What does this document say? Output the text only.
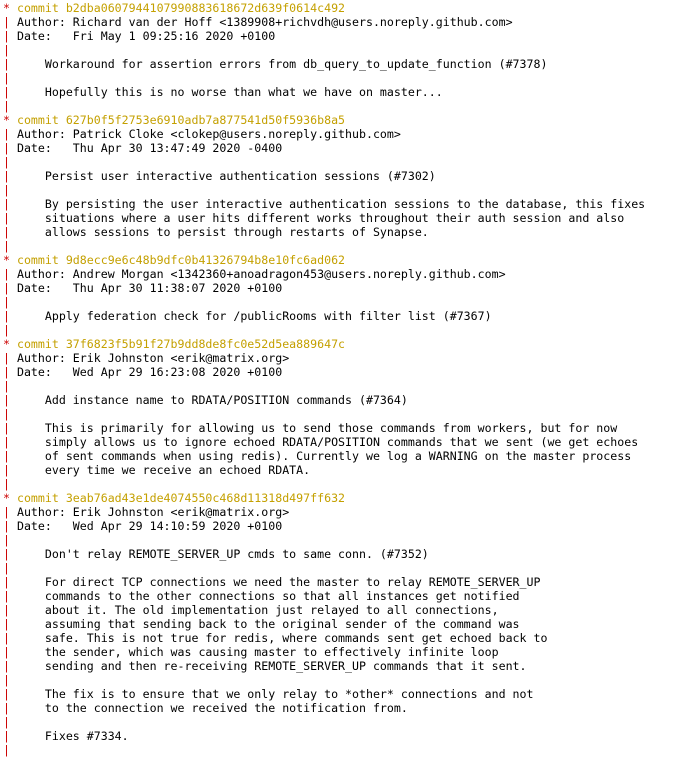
* commit b2dba0607944107990883618672d639f0614c492
| Author: Richard van der Hoff <1389908+richvdh@users.noreply.github.com>
| Date:   Fri May 1 09:25:16 2020 +0100
|
|     Workaround for assertion errors from db_query_to_update_function (#7378)
|
|     Hopefully this is no worse than what we have on master...
|
* commit 627b0f5f2753e6910adb7a877541d50f5936b8a5
| Author: Patrick Cloke <clokep@users.noreply.github.com>
| Date:   Thu Apr 30 13:47:49 2020 -0400
|
|     Persist user interactive authentication sessions (#7302)
|
|     By persisting the user interactive authentication sessions to the database, this fixes
|     situations where a user hits different works throughout their auth session and also
|     allows sessions to persist through restarts of Synapse.
|
* commit 9d8ecc9e6c48b9dfc0b41326794b8e10fc6ad062
| Author: Andrew Morgan <1342360+anoadragon453@users.noreply.github.com>
| Date:   Thu Apr 30 11:38:07 2020 +0100
|
|     Apply federation check for /publicRooms with filter list (#7367)
|
* commit 37f6823f5b91f27b9dd8de8fc0e52d5ea889647c
| Author: Erik Johnston <erik@matrix.org>
| Date:   Wed Apr 29 16:23:08 2020 +0100
|
|     Add instance name to RDATA/POSITION commands (#7364)
|
|     This is primarily for allowing us to send those commands from workers, but for now
|     simply allows us to ignore echoed RDATA/POSITION commands that we sent (we get echoes
|     of sent commands when using redis). Currently we log a WARNING on the master process
|     every time we receive an echoed RDATA.
|
* commit 3eab76ad43e1de4074550c468d11318d497ff632
| Author: Erik Johnston <erik@matrix.org>
| Date:   Wed Apr 29 14:10:59 2020 +0100
|
|     Don't relay REMOTE_SERVER_UP cmds to same conn. (#7352)
|
|     For direct TCP connections we need the master to relay REMOTE_SERVER_UP
|     commands to the other connections so that all instances get notified
|     about it. The old implementation just relayed to all connections,
|     assuming that sending back to the original sender of the command was
|     safe. This is not true for redis, where commands sent get echoed back to
|     the sender, which was causing master to effectively infinite loop
|     sending and then re-receiving REMOTE_SERVER_UP commands that it sent.
|
|     The fix is to ensure that we only relay to *other* connections and not
|     to the connection we received the notification from.
|
|     Fixes #7334.
|
